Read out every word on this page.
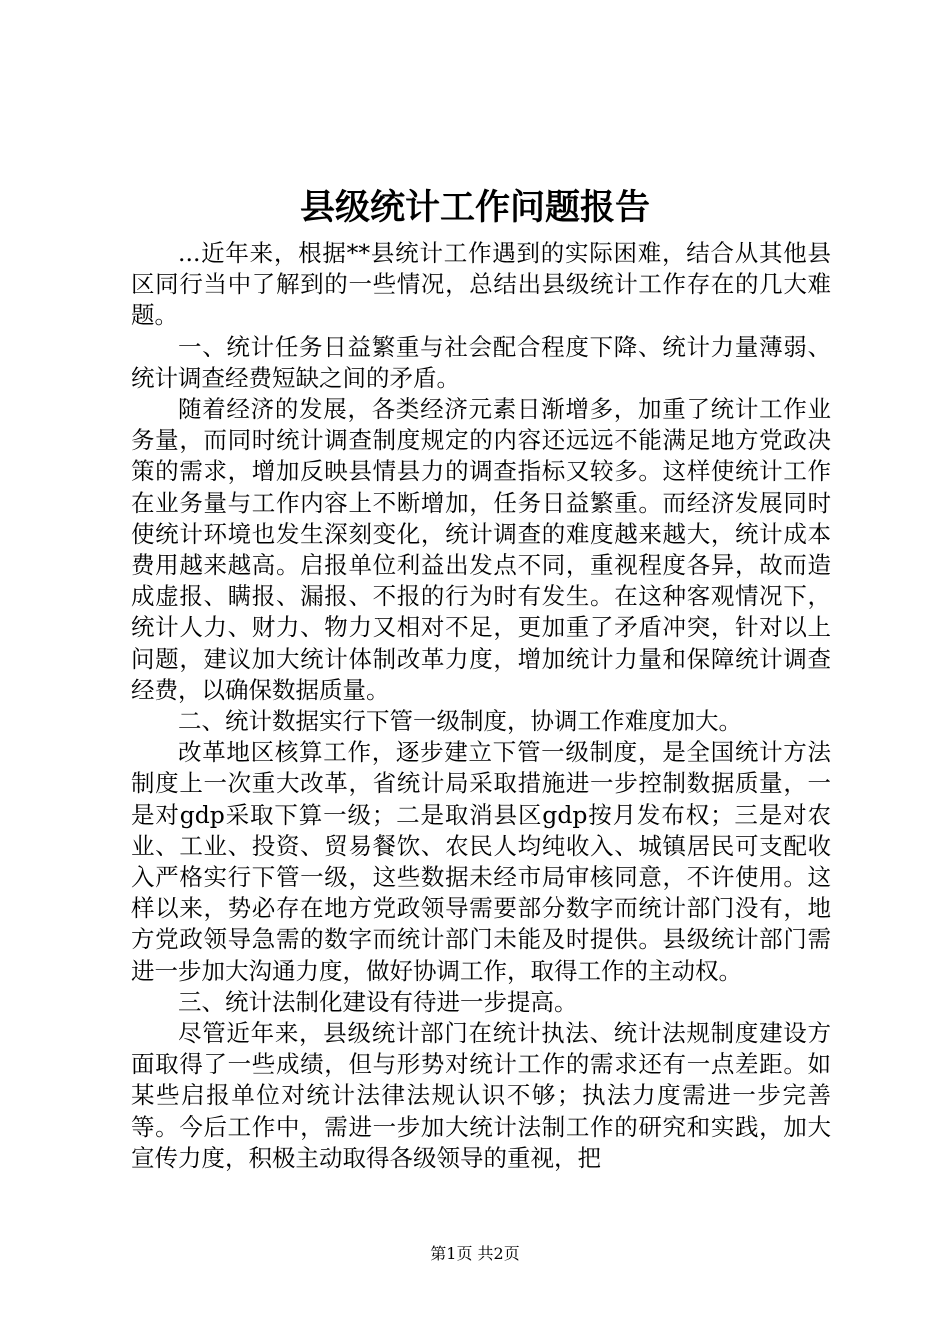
县级统计工作问题报告

...近年来，根据**县统计工作遇到的实际困难，结合从其他县区同行当中了解到的一些情况，总结出县级统计工作存在的几大难题。

一、统计任务日益繁重与社会配合程度下降、统计力量薄弱、统计调查经费短缺之间的矛盾。

随着经济的发展，各类经济元素日渐增多，加重了统计工作业务量，而同时统计调查制度规定的内容还远远不能满足地方党政决策的需求，增加反映县情县力的调查指标又较多。这样使统计工作在业务量与工作内容上不断增加，任务日益繁重。而经济发展同时使统计环境也发生深刻变化，统计调查的难度越来越大，统计成本费用越来越高。启报单位利益出发点不同，重视程度各异，故而造成虚报、瞒报、漏报、不报的行为时有发生。在这种客观情况下，统计人力、财力、物力又相对不足，更加重了矛盾冲突，针对以上问题，建议加大统计体制改革力度，增加统计力量和保障统计调查经费，以确保数据质量。

二、统计数据实行下管一级制度，协调工作难度加大。

改革地区核算工作，逐步建立下管一级制度，是全国统计方法制度上一次重大改革，省统计局采取措施进一步控制数据质量，一是对gdp采取下算一级；二是取消县区gdp按月发布权；三是对农业、工业、投资、贸易餐饮、农民人均纯收入、城镇居民可支配收入严格实行下管一级，这些数据未经市局审核同意，不许使用。这样以来，势必存在地方党政领导需要部分数字而统计部门没有，地方党政领导急需的数字而统计部门未能及时提供。县级统计部门需进一步加大沟通力度，做好协调工作，取得工作的主动权。

三、统计法制化建设有待进一步提高。

尽管近年来，县级统计部门在统计执法、统计法规制度建设方面取得了一些成绩，但与形势对统计工作的需求还有一点差距。如某些启报单位对统计法律法规认识不够；执法力度需进一步完善等。今后工作中，需进一步加大统计法制工作的研究和实践，加大宣传力度，积极主动取得各级领导的重视，把

第1页 共2页
